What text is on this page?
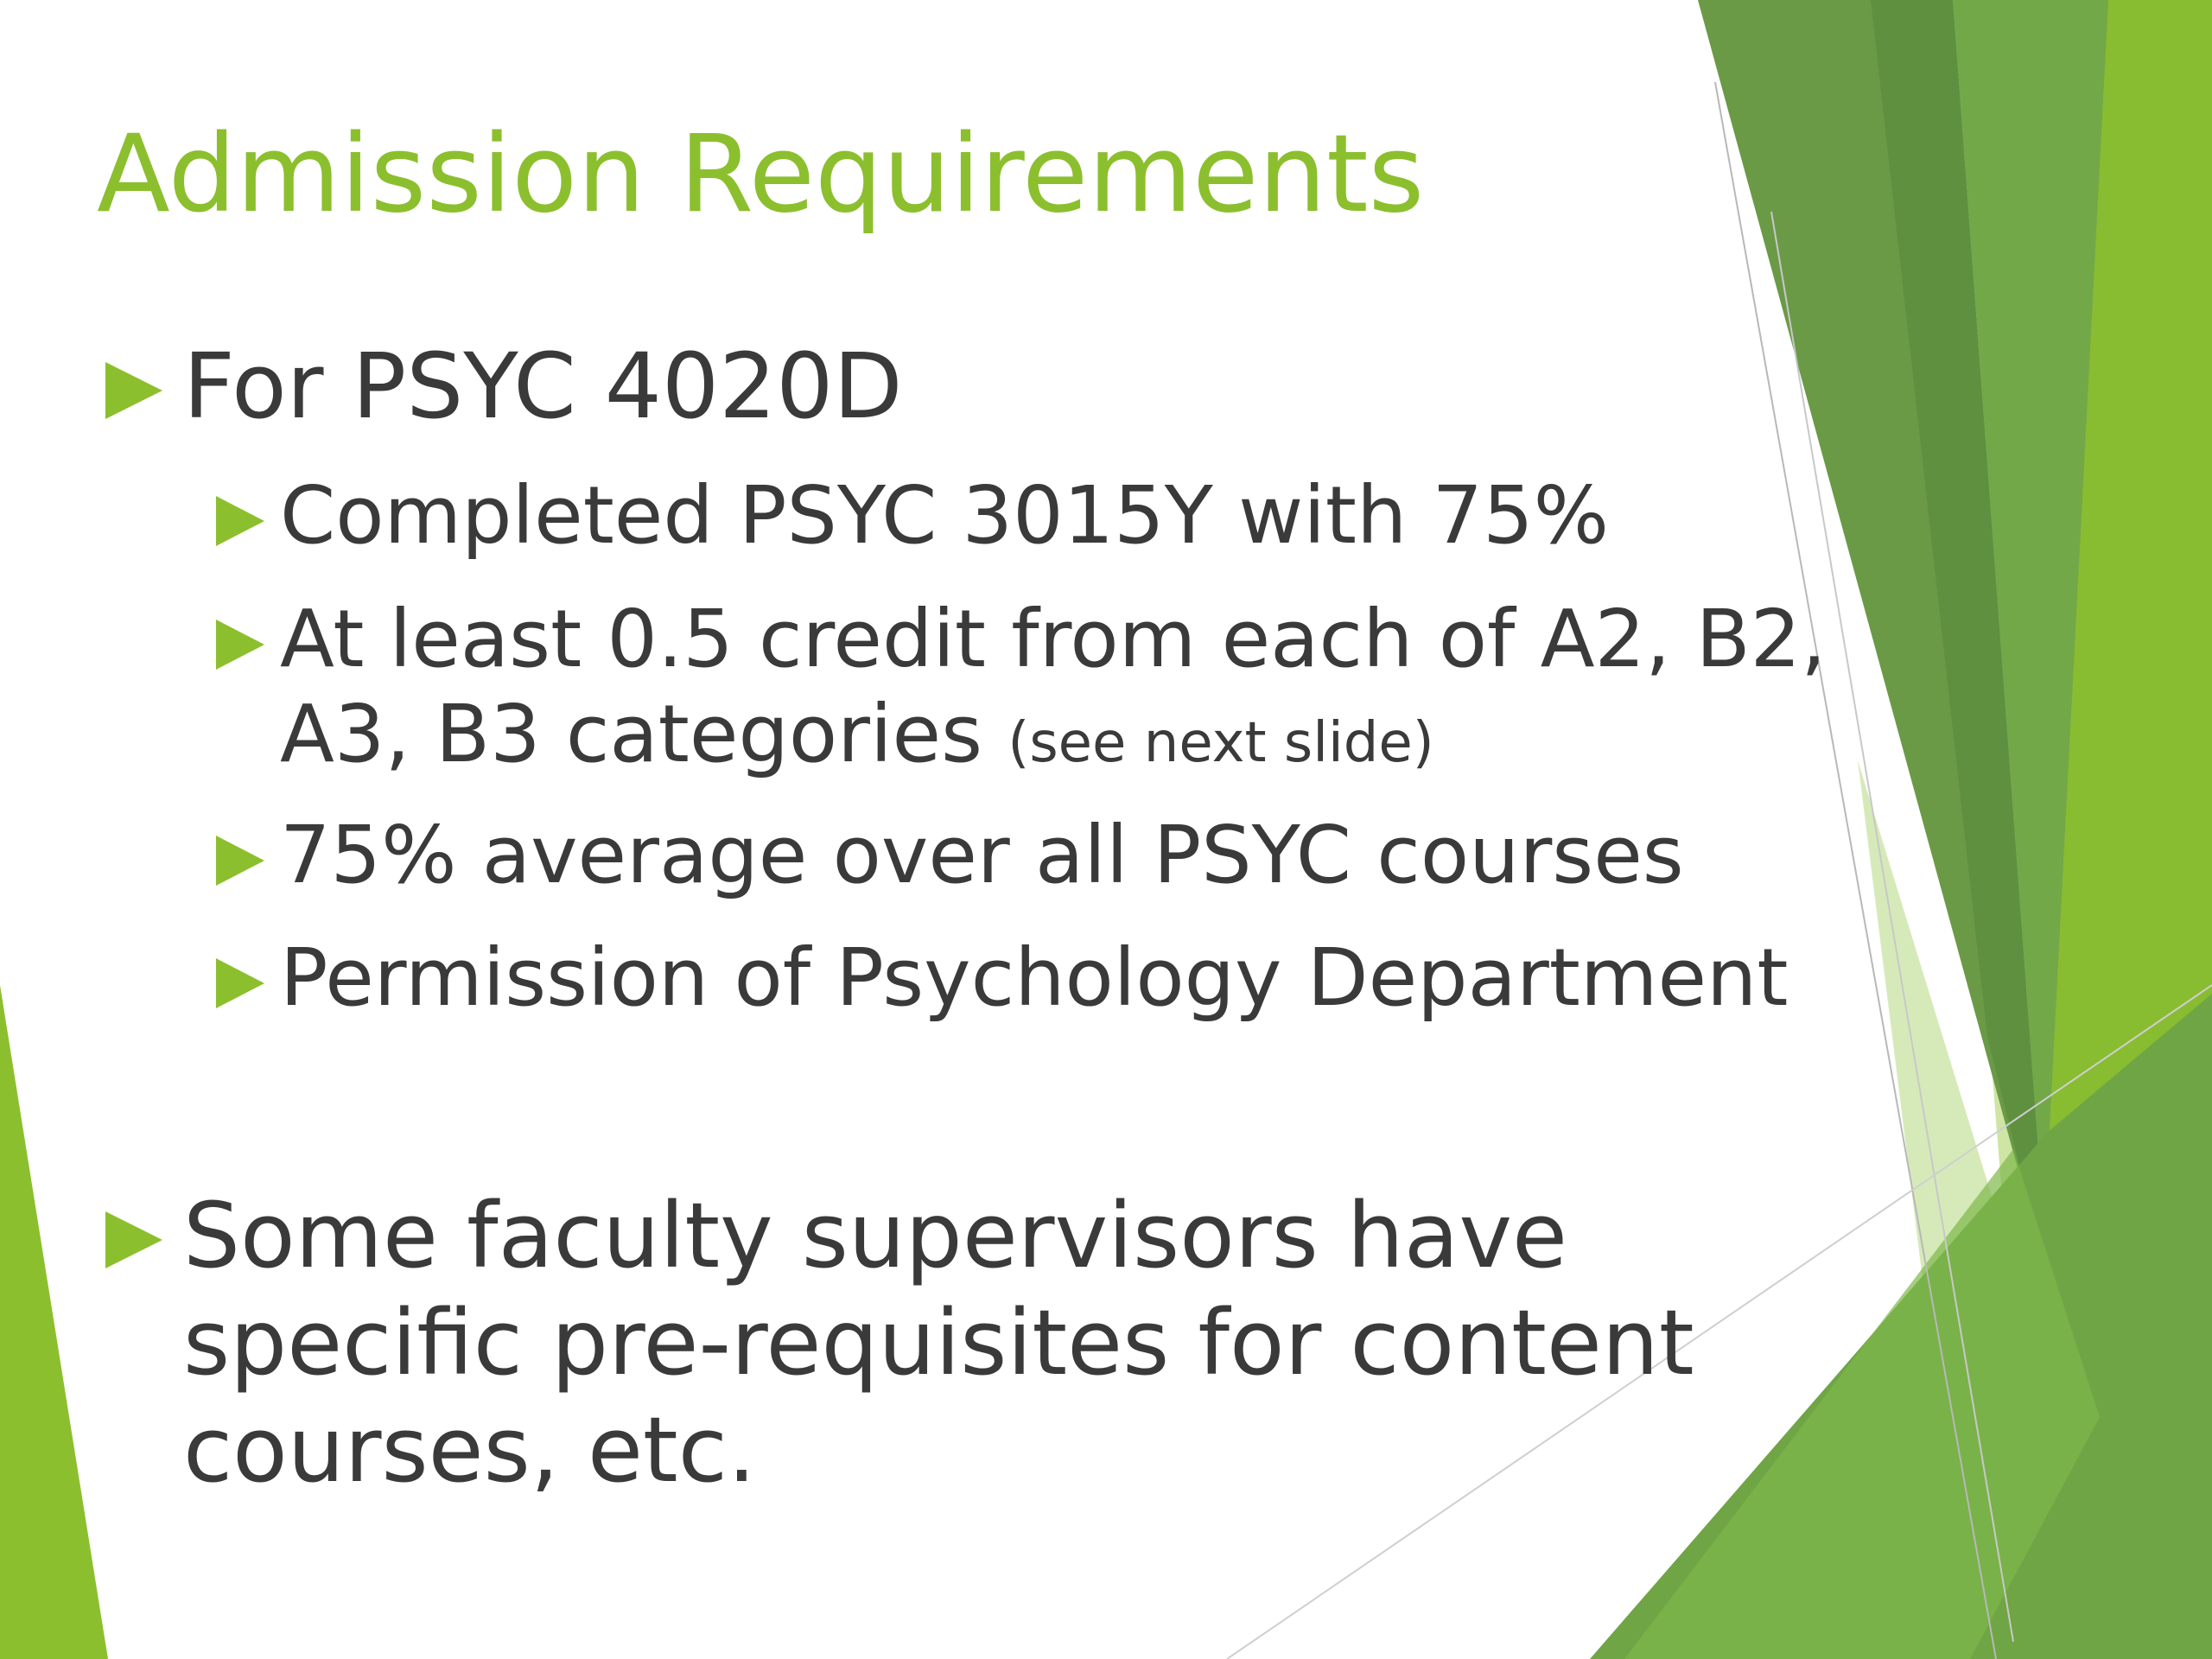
Admission Requirements
For PSYC 4020D
Completed PSYC 3015Y with 75%
At least 0.5 credit from each of A2, B2, A3, B3 categories (see next slide)
75% average over all PSYC courses
Permission of Psychology Department
Some faculty supervisors have specific pre-requisites for content courses, etc.
